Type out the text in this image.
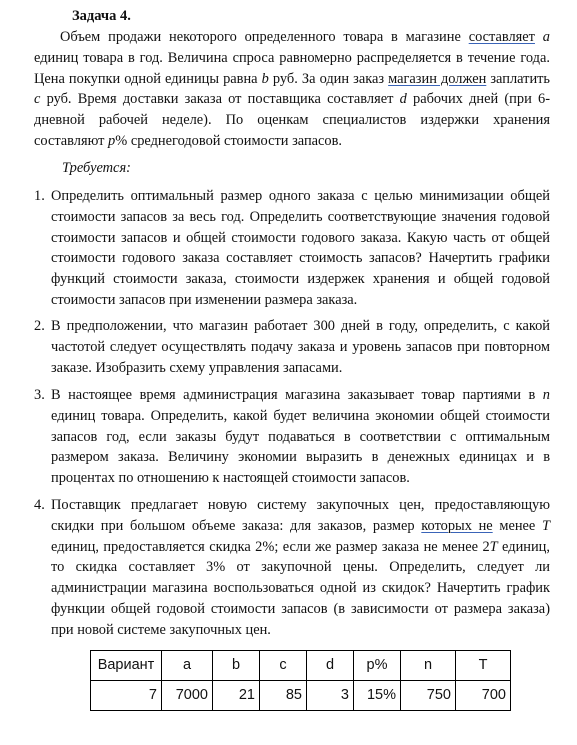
Задача 4.
Объем продажи некоторого определенного товара в магазине составляет a единиц товара в год. Величина спроса равномерно распределяется в течение года. Цена покупки одной единицы равна b руб. За один заказ магазин должен заплатить c руб. Время доставки заказа от поставщика составляет d рабочих дней (при 6-дневной рабочей неделе). По оценкам специалистов издержки хранения составляют p% среднегодовой стоимости запасов.
Требуется:
1. Определить оптимальный размер одного заказа с целью минимизации общей стоимости запасов за весь год. Определить соответствующие значения годовой стоимости запасов и общей стоимости годового заказа. Какую часть от общей стоимости годового заказа составляет стоимость запасов? Начертить графики функций стоимости заказа, стоимости издержек хранения и общей годовой стоимости запасов при изменении размера заказа.
2. В предположении, что магазин работает 300 дней в году, определить, с какой частотой следует осуществлять подачу заказа и уровень запасов при повторном заказе. Изобразить схему управления запасами.
3. В настоящее время администрация магазина заказывает товар партиями в n единиц товара. Определить, какой будет величина экономии общей стоимости запасов год, если заказы будут подаваться в соответствии с оптимальным размером заказа. Величину экономии выразить в денежных единицах и в процентах по отношению к настоящей стоимости запасов.
4. Поставщик предлагает новую систему закупочных цен, предоставляющую скидки при большом объеме заказа: для заказов, размер которых не менее T единиц, предоставляется скидка 2%; если же размер заказа не менее 2T единиц, то скидка составляет 3% от закупочной цены. Определить, следует ли администрации магазина воспользоваться одной из скидок? Начертить график функции общей годовой стоимости запасов (в зависимости от размера заказа) при новой системе закупочных цен.
Вариант	a	b	c	d	p%	n	T
7	7000	21	85	3	15%	750	700
